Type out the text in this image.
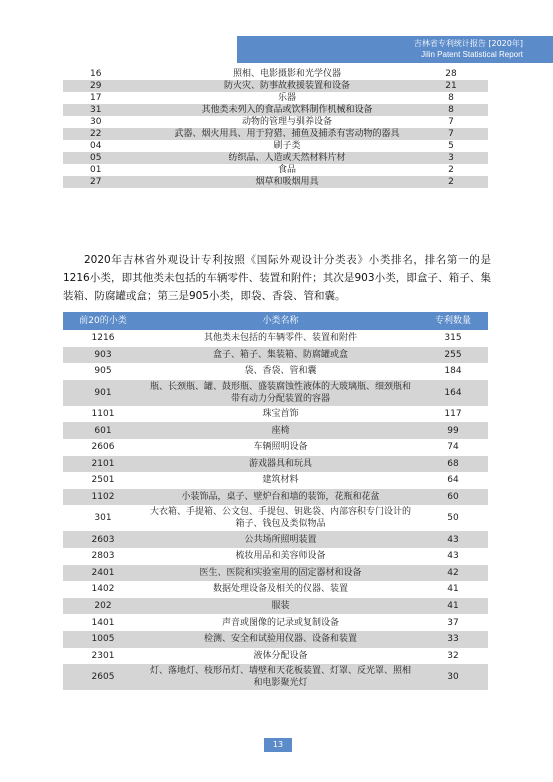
吉林省专利统计报告 [2020年]
Jilin Patent Statistical Report
16	照相、电影摄影和光学仪器	28
29	防火灾、防事故救援装置和设备	21
17	乐器	8
31	其他类未列入的食品或饮料制作机械和设备	8
30	动物的管理与驯养设备	7
22	武器、烟火用具、用于狩猎、捕鱼及捕杀有害动物的器具	7
04	刷子类	5
05	纺织品、人造或天然材料片材	3
01	食品	2
27	烟草和吸烟用具	2

2020年吉林省外观设计专利按照《国际外观设计分类表》小类排名，排名第一的是1216小类，即其他类未包括的车辆零件、装置和附件；其次是903小类，即盒子、箱子、集装箱、防腐罐或盒；第三是905小类，即袋、香袋、管和囊。

前20的小类	小类名称	专利数量
1216	其他类未包括的车辆零件、装置和附件	315
903	盒子、箱子、集装箱、防腐罐或盒	255
905	袋、香袋、管和囊	184
901	瓶、长颈瓶、罐、鼓形瓶、盛装腐蚀性液体的大玻璃瓶、细颈瓶和带有动力分配装置的容器	164
1101	珠宝首饰	117
601	座椅	99
2606	车辆照明设备	74
2101	游戏器具和玩具	68
2501	建筑材料	64
1102	小装饰品，桌子、壁炉台和墙的装饰，花瓶和花盆	60
301	大衣箱、手提箱、公文包、手提包、钥匙袋、内部容积专门设计的箱子、钱包及类似物品	50
2603	公共场所照明装置	43
2803	梳妆用品和美容师设备	43
2401	医生、医院和实验室用的固定器材和设备	42
1402	数据处理设备及相关的仪器、装置	41
202	服装	41
1401	声音或图像的记录或复制设备	37
1005	检测、安全和试验用仪器、设备和装置	33
2301	液体分配设备	32
2605	灯、落地灯、枝形吊灯、墙壁和天花板装置、灯罩、反光罩、照相和电影聚光灯	30
13
